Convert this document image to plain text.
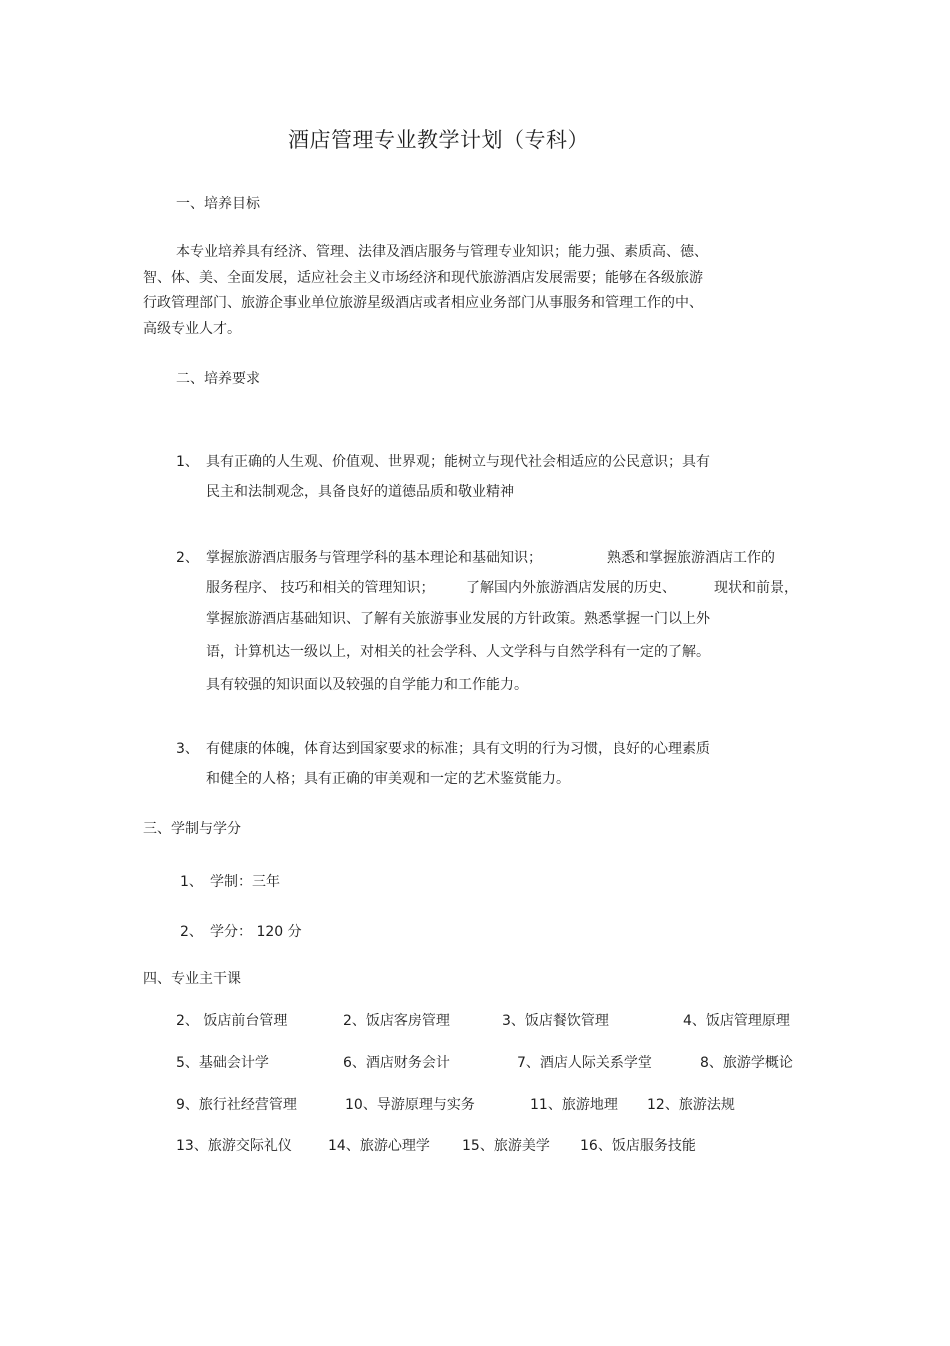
酒店管理专业教学计划（专科）
一、培养目标
本专业培养具有经济、管理、法律及酒店服务与管理专业知识；能力强、素质高、德、
智、体、美、全面发展，适应社会主义市场经济和现代旅游酒店发展需要；能够在各级旅游
行政管理部门、旅游企事业单位旅游星级酒店或者相应业务部门从事服务和管理工作的中、
高级专业人才。
二、培养要求
1、 具有正确的人生观、价值观、世界观；能树立与现代社会相适应的公民意识；具有
民主和法制观念，具备良好的道德品质和敬业精神
2、 掌握旅游酒店服务与管理学科的基本理论和基础知识；	熟悉和掌握旅游酒店工作的
服务程序、 技巧和相关的管理知识； 了解国内外旅游酒店发展的历史、	现状和前景，
掌握旅游酒店基础知识、了解有关旅游事业发展的方针政策。熟悉掌握一门以上外
语，计算机达一级以上，对相关的社会学科、人文学科与自然学科有一定的了解。
具有较强的知识面以及较强的自学能力和工作能力。
3、 有健康的体魄，体育达到国家要求的标准；具有文明的行为习惯，良好的心理素质
和健全的人格；具有正确的审美观和一定的艺术鉴赏能力。
三、学制与学分
1、 学制：三年
2、 学分： 120 分
四、专业主干课
2、 饭店前台管理	2、饭店客房管理	3、饭店餐饮管理	4、饭店管理原理
5、基础会计学	6、酒店财务会计	7、酒店人际关系学堂	8、旅游学概论
9、旅行社经营管理	10、导游原理与实务	11、旅游地理 12、旅游法规
13、旅游交际礼仪	14、旅游心理学 15、旅游美学 16、饭店服务技能
